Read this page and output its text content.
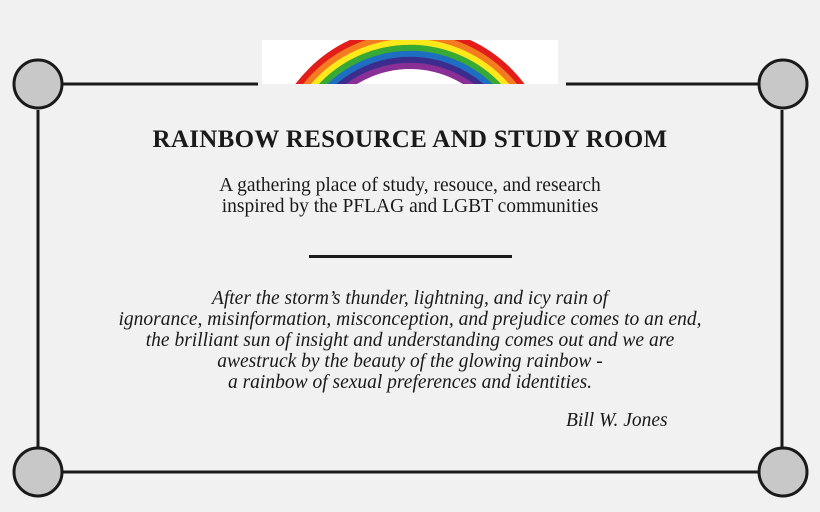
RAINBOW RESOURCE AND STUDY ROOM
A gathering place of study, resouce, and research
inspired by the PFLAG and LGBT communities
After the storm’s thunder, lightning, and icy rain of
ignorance, misinformation, misconception, and prejudice comes to an end,
the brilliant sun of insight and understanding comes out and we are
awestruck by the beauty of the glowing rainbow -
a rainbow of sexual preferences and identities.
Bill W. Jones
